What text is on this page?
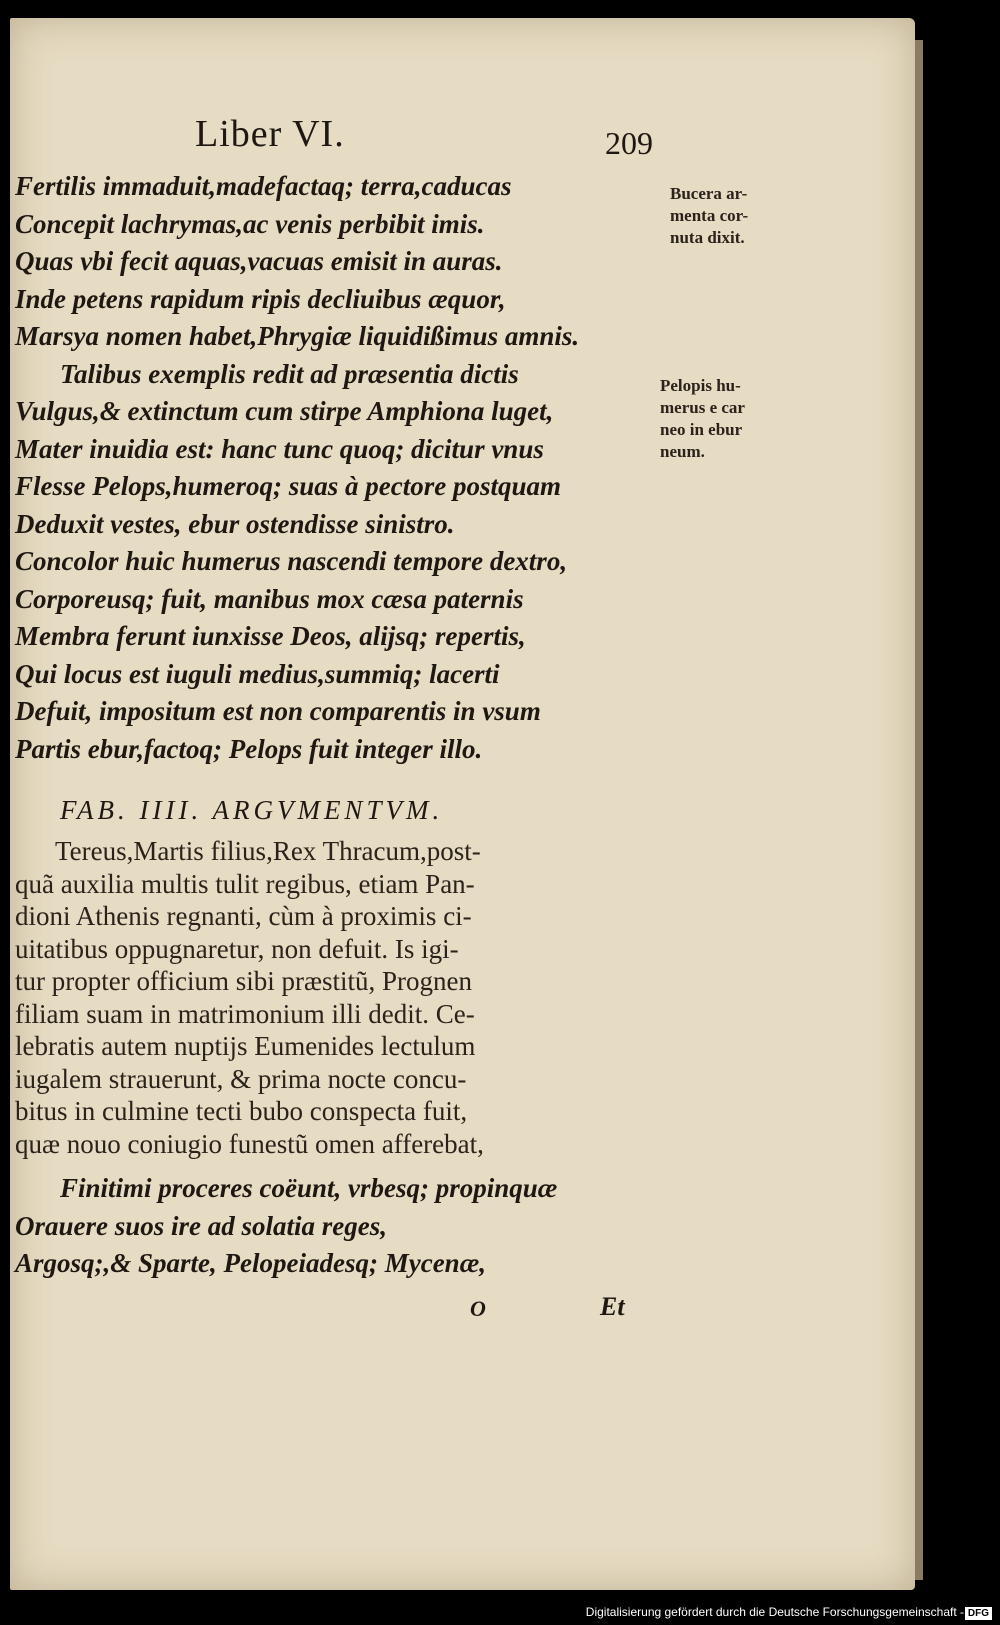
Liber VI.	209
Fertilis immaduit,madefactaq; terra,caducas
Concepit lachrymas,ac venis perbibit imis.
Quas vbi fecit aquas,vacuas emisit in auras.
Inde petens rapidum ripis decliuibus æquor,
Marsya nomen habet,Phrygiæ liquidißimus amnis.
Talibus exemplis redit ad præsentia dictis
Vulgus,& extinctum cum stirpe Amphiona luget,
Mater inuidia est: hanc tunc quoq; dicitur vnus
Flesse Pelops,humeroq; suas à pectore postquam
Deduxit vestes, ebur ostendisse sinistro.
Concolor huic humerus nascendi tempore dextro,
Corporeusq; fuit, manibus mox cæsa paternis
Membra ferunt iunxisse Deos, alijsq; repertis,
Qui locus est iuguli medius,summiq; lacerti
Defuit, impositum est non comparentis in vsum
Partis ebur,factoq; Pelops fuit integer illo.
FAB. IIII. ARGVMENTVM.
Tereus,Martis filius,Rex Thracum,post-
quã auxilia multis tulit regibus, etiam Pan-
dioni Athenis regnanti, cùm à proximis ci-
uitatibus oppugnaretur, non defuit. Is igi-
tur propter officium sibi præstitũ, Prognen
filiam suam in matrimonium illi dedit. Ce-
lebratis autem nuptijs Eumenides lectulum
iugalem strauerunt, & prima nocte concu-
bitus in culmine tecti bubo conspecta fuit,
quæ nouo coniugio funestũ omen afferebat,
Finitimi proceres coëunt, vrbesq; propinquæ
Orauere suos ire ad solatia reges,
Argosq;,& Sparte, Pelopeiadesq; Mycenæ,
Bucera ar-
menta cor-
nuta dixit.
Pelopis hu-
merus e car
neo in ebur
neum.
O	Et
Digitalisierung gefördert durch die Deutsche Forschungsgemeinschaft - DFG
